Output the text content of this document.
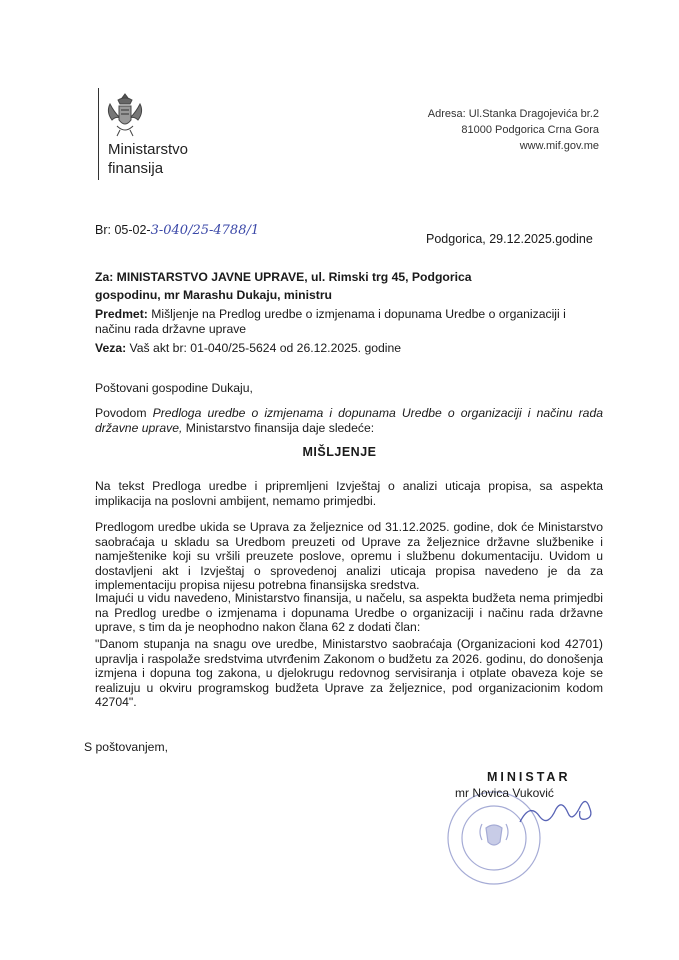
Ministarstvo
finansija
Adresa: Ul.Stanka Dragojevića br.2
81000 Podgorica Crna Gora
www.mif.gov.me
Br: 05-02-3-040/25-4788/1
Podgorica, 29.12.2025.godine
Za: MINISTARSTVO JAVNE UPRAVE, ul. Rimski trg 45, Podgorica
gospodinu, mr Marashu Dukaju, ministru
Predmet: Mišljenje na Predlog uredbe o izmjenama i dopunama Uredbe o organizaciji i načinu rada državne uprave
Veza: Vaš akt br: 01-040/25-5624 od 26.12.2025. godine
Poštovani gospodine Dukaju,
Povodom Predloga uredbe o izmjenama i dopunama Uredbe o organizaciji i načinu rada državne uprave, Ministarstvo finansija daje sledeće:
MIŠLJENJE
Na tekst Predloga uredbe i pripremljeni Izvještaj o analizi uticaja propisa, sa aspekta implikacija na poslovni ambijent, nemamo primjedbi.
Predlogom uredbe ukida se Uprava za željeznice od 31.12.2025. godine, dok će Ministarstvo saobraćaja u skladu sa Uredbom preuzeti od Uprave za željeznice državne službenike i namještenike koji su vršili preuzete poslove, opremu i službenu dokumentaciju. Uvidom u dostavljeni akt i Izvještaj o sprovedenoj analizi uticaja propisa navedeno je da za implementaciju propisa nijesu potrebna finansijska sredstva.
Imajući u vidu navedeno, Ministarstvo finansija, u načelu, sa aspekta budžeta nema primjedbi na Predlog uredbe o izmjenama i dopunama Uredbe o organizaciji i načinu rada državne uprave, s tim da je neophodno nakon člana 62 z dodati član:
"Danom stupanja na snagu ove uredbe, Ministarstvo saobraćaja (Organizacioni kod 42701) upravlja i raspolaže sredstvima utvrđenim Zakonom o budžetu za 2026. godinu, do donošenja izmjena i dopuna tog zakona, u djelokrugu redovnog servisiranja i otplate obaveza koje se realizuju u okviru programskog budžeta Uprave za željeznice, pod organizacionim kodom 42704".
S poštovanjem,
MINISTAR
mr Novica Vuković
